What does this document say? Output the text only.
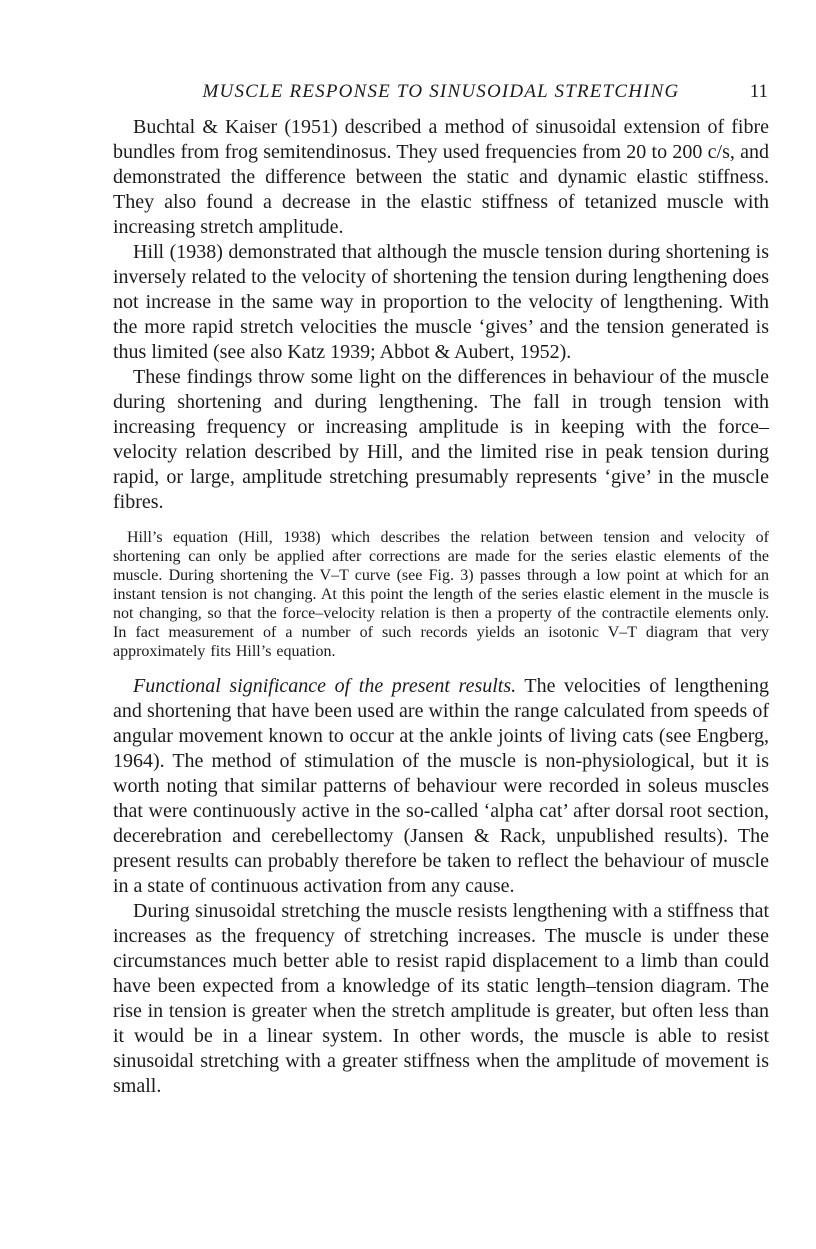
MUSCLE RESPONSE TO SINUSOIDAL STRETCHING	11

Buchtal & Kaiser (1951) described a method of sinusoidal extension of fibre bundles from frog semitendinosus. They used frequencies from 20 to 200 c/s, and demonstrated the difference between the static and dynamic elastic stiffness. They also found a decrease in the elastic stiffness of tetanized muscle with increasing stretch amplitude.

Hill (1938) demonstrated that although the muscle tension during shortening is inversely related to the velocity of shortening the tension during lengthening does not increase in the same way in proportion to the velocity of lengthening. With the more rapid stretch velocities the muscle ‘gives’ and the tension generated is thus limited (see also Katz 1939; Abbot & Aubert, 1952).

These findings throw some light on the differences in behaviour of the muscle during shortening and during lengthening. The fall in trough tension with increasing frequency or increasing amplitude is in keeping with the force–velocity relation described by Hill, and the limited rise in peak tension during rapid, or large, amplitude stretching presumably represents ‘give’ in the muscle fibres.

Hill’s equation (Hill, 1938) which describes the relation between tension and velocity of shortening can only be applied after corrections are made for the series elastic elements of the muscle. During shortening the V–T curve (see Fig. 3) passes through a low point at which for an instant tension is not changing. At this point the length of the series elastic element in the muscle is not changing, so that the force–velocity relation is then a property of the contractile elements only. In fact measurement of a number of such records yields an isotonic V–T diagram that very approximately fits Hill’s equation.

Functional significance of the present results. The velocities of lengthening and shortening that have been used are within the range calculated from speeds of angular movement known to occur at the ankle joints of living cats (see Engberg, 1964). The method of stimulation of the muscle is non-physiological, but it is worth noting that similar patterns of behaviour were recorded in soleus muscles that were continuously active in the so-called ‘alpha cat’ after dorsal root section, decerebration and cerebellectomy (Jansen & Rack, unpublished results). The present results can probably therefore be taken to reflect the behaviour of muscle in a state of continuous activation from any cause.

During sinusoidal stretching the muscle resists lengthening with a stiffness that increases as the frequency of stretching increases. The muscle is under these circumstances much better able to resist rapid displacement to a limb than could have been expected from a knowledge of its static length–tension diagram. The rise in tension is greater when the stretch amplitude is greater, but often less than it would be in a linear system. In other words, the muscle is able to resist sinusoidal stretching with a greater stiffness when the amplitude of movement is small.
